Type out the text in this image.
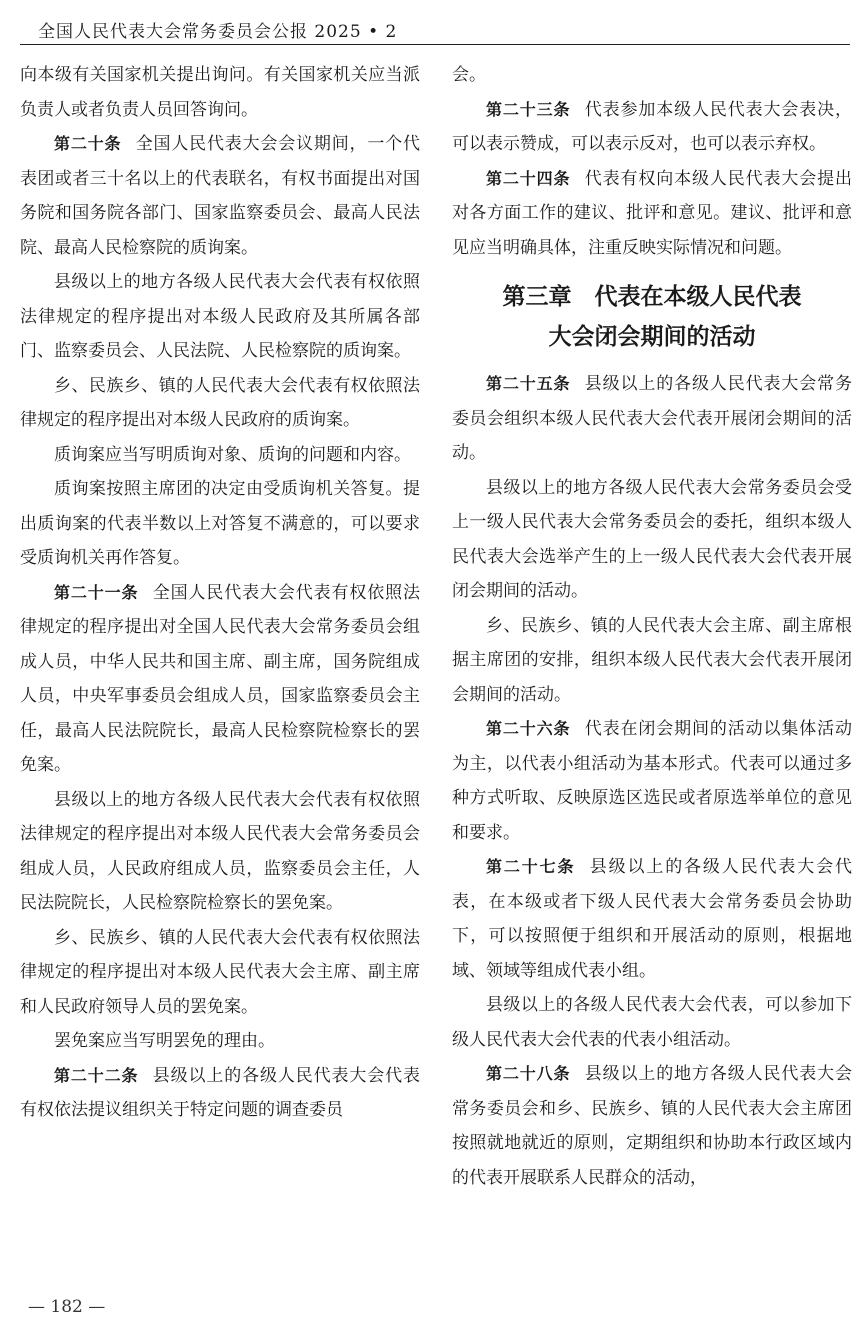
全国人民代表大会常务委员会公报 2025 • 2

向本级有关国家机关提出询问。有关国家机关应当派负责人或者负责人员回答询问。

第二十条 全国人民代表大会会议期间，一个代表团或者三十名以上的代表联名，有权书面提出对国务院和国务院各部门、国家监察委员会、最高人民法院、最高人民检察院的质询案。

县级以上的地方各级人民代表大会代表有权依照法律规定的程序提出对本级人民政府及其所属各部门、监察委员会、人民法院、人民检察院的质询案。

乡、民族乡、镇的人民代表大会代表有权依照法律规定的程序提出对本级人民政府的质询案。

质询案应当写明质询对象、质询的问题和内容。

质询案按照主席团的决定由受质询机关答复。提出质询案的代表半数以上对答复不满意的，可以要求受质询机关再作答复。

第二十一条 全国人民代表大会代表有权依照法律规定的程序提出对全国人民代表大会常务委员会组成人员，中华人民共和国主席、副主席，国务院组成人员，中央军事委员会组成人员，国家监察委员会主任，最高人民法院院长，最高人民检察院检察长的罢免案。

县级以上的地方各级人民代表大会代表有权依照法律规定的程序提出对本级人民代表大会常务委员会组成人员，人民政府组成人员，监察委员会主任，人民法院院长，人民检察院检察长的罢免案。

乡、民族乡、镇的人民代表大会代表有权依照法律规定的程序提出对本级人民代表大会主席、副主席和人民政府领导人员的罢免案。

罢免案应当写明罢免的理由。

第二十二条 县级以上的各级人民代表大会代表有权依法提议组织关于特定问题的调查委员

会。

第二十三条 代表参加本级人民代表大会表决，可以表示赞成，可以表示反对，也可以表示弃权。

第二十四条 代表有权向本级人民代表大会提出对各方面工作的建议、批评和意见。建议、批评和意见应当明确具体，注重反映实际情况和问题。

第三章　代表在本级人民代表
大会闭会期间的活动

第二十五条 县级以上的各级人民代表大会常务委员会组织本级人民代表大会代表开展闭会期间的活动。

县级以上的地方各级人民代表大会常务委员会受上一级人民代表大会常务委员会的委托，组织本级人民代表大会选举产生的上一级人民代表大会代表开展闭会期间的活动。

乡、民族乡、镇的人民代表大会主席、副主席根据主席团的安排，组织本级人民代表大会代表开展闭会期间的活动。

第二十六条 代表在闭会期间的活动以集体活动为主，以代表小组活动为基本形式。代表可以通过多种方式听取、反映原选区选民或者原选举单位的意见和要求。

第二十七条 县级以上的各级人民代表大会代表，在本级或者下级人民代表大会常务委员会协助下，可以按照便于组织和开展活动的原则，根据地域、领域等组成代表小组。

县级以上的各级人民代表大会代表，可以参加下级人民代表大会代表的代表小组活动。

第二十八条 县级以上的地方各级人民代表大会常务委员会和乡、民族乡、镇的人民代表大会主席团按照就地就近的原则，定期组织和协助本行政区域内的代表开展联系人民群众的活动，

— 182 —
